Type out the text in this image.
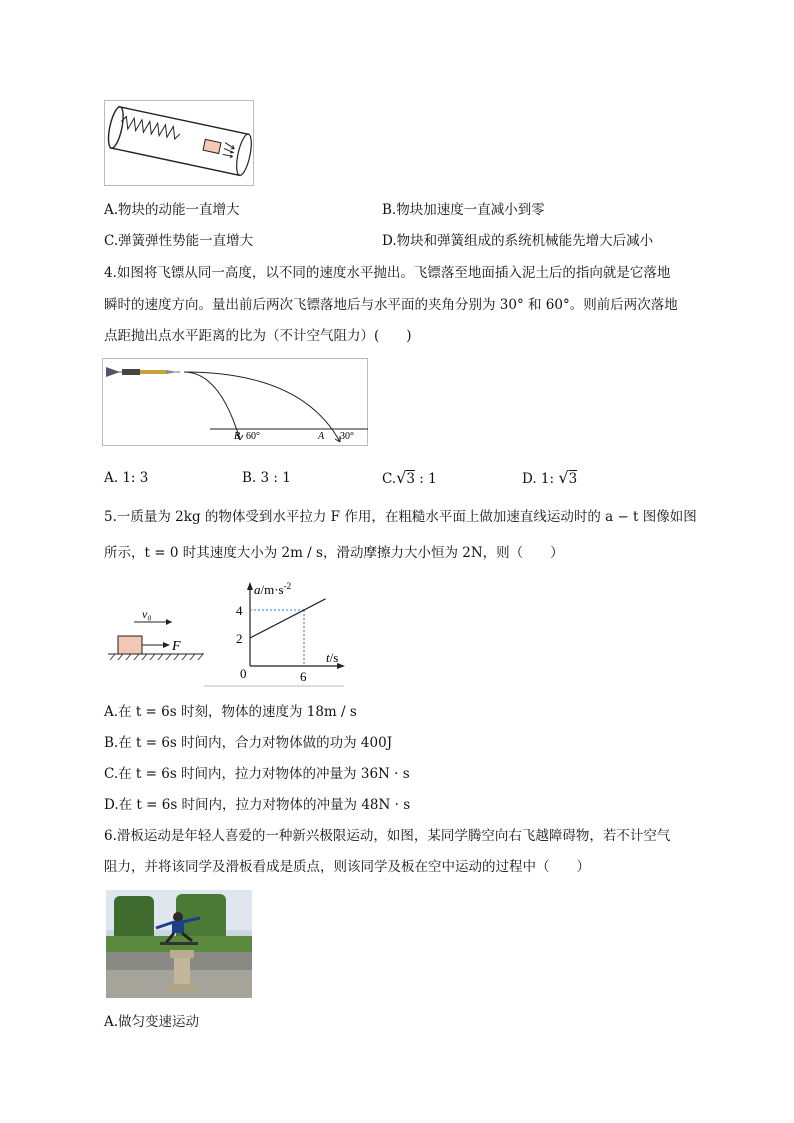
A.物块的动能一直增大	B.物块加速度一直减小到零
C.弹簧弹性势能一直增大	D.物块和弹簧组成的系统机械能先增大后减小
4.如图将飞镖从同一高度，以不同的速度水平抛出。飞镖落至地面插入泥土后的指向就是它落地
瞬时的速度方向。量出前后两次飞镖落地后与水平面的夹角分别为 30° 和 60°。则前后两次落地
点距抛出点水平距离的比为（不计空气阻力）(　　)
B 60°	A 30°
A. 1: 3	B. 3 : 1	C.√3 : 1	D. 1: √3
5.一质量为 2kg 的物体受到水平拉力 F 作用，在粗糙水平面上做加速直线运动时的 a − t 图像如图
所示，t = 0 时其速度大小为 2m / s，滑动摩擦力大小恒为 2N，则（　　）
v₀
F
$a/m\cdot s^{-2}$
t/s
4
2
0	6
A.在 t = 6s 时刻，物体的速度为 18m / s
B.在 t = 6s 时间内，合力对物体做的功为 400J
C.在 t = 6s 时间内，拉力对物体的冲量为 36N · s
D.在 t = 6s 时间内，拉力对物体的冲量为 48N · s
6.滑板运动是年轻人喜爱的一种新兴极限运动，如图，某同学腾空向右飞越障碍物，若不计空气
阻力，并将该同学及滑板看成是质点，则该同学及板在空中运动的过程中（　　）
A.做匀变速运动
